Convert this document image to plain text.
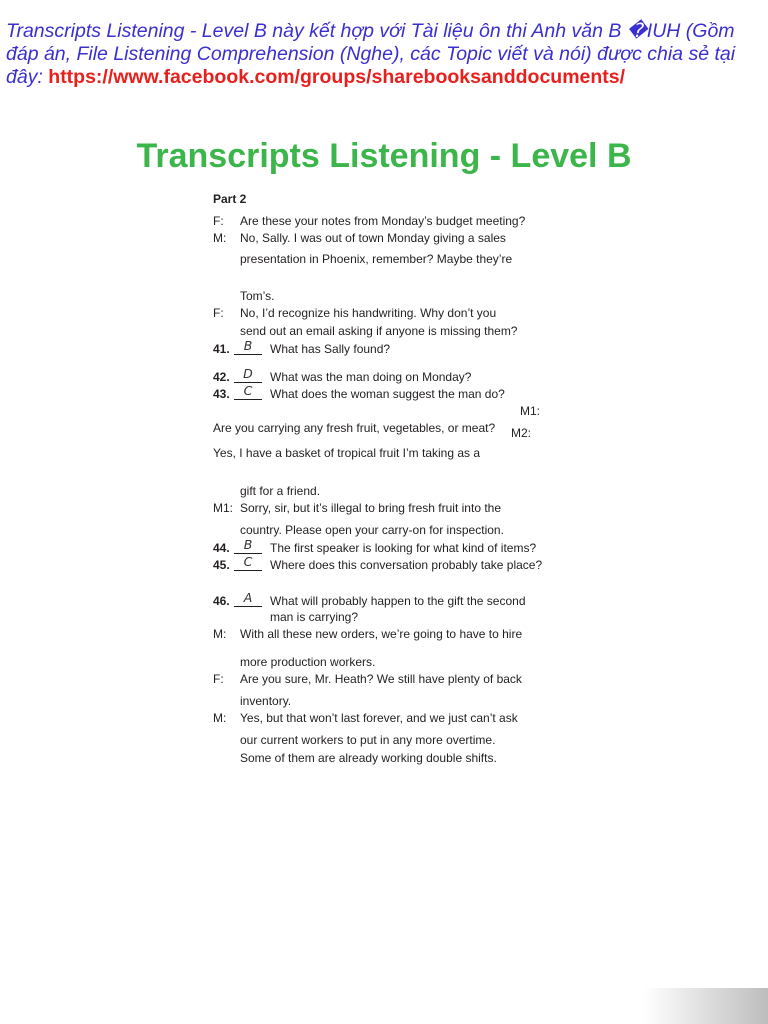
Transcripts Listening - Level B này kết hợp với Tài liệu ôn thi Anh văn B �IUH (Gồm đáp án, File Listening Comprehension (Nghe), các Topic viết và nói) được chia sẻ tại đây: https://www.facebook.com/groups/sharebooksanddocuments/
Transcripts Listening - Level B
Part 2
F: Are these your notes from Monday’s budget meeting?
M: No, Sally. I was out of town Monday giving a sales
presentation in Phoenix, remember? Maybe they’re
Tom’s.
F: No, I’d recognize his handwriting. Why don’t you
send out an email asking if anyone is missing them?
41.	B	What has Sally found?
42.	D	What was the man doing on Monday?
43.	C	What does the woman suggest the man do?
M1:
Are you carrying any fresh fruit, vegetables, or meat? M2:
Yes, I have a basket of tropical fruit I’m taking as a
gift for a friend.
M1: Sorry, sir, but it’s illegal to bring fresh fruit into the
country. Please open your carry-on for inspection.
44.	B	The first speaker is looking for what kind of items?
45.	C	Where does this conversation probably take place?
46.	A	What will probably happen to the gift the second
man is carrying?
M: With all these new orders, we’re going to have to hire
more production workers.
F: Are you sure, Mr. Heath? We still have plenty of back
inventory.
M: Yes, but that won’t last forever, and we just can’t ask
our current workers to put in any more overtime.
Some of them are already working double shifts.
